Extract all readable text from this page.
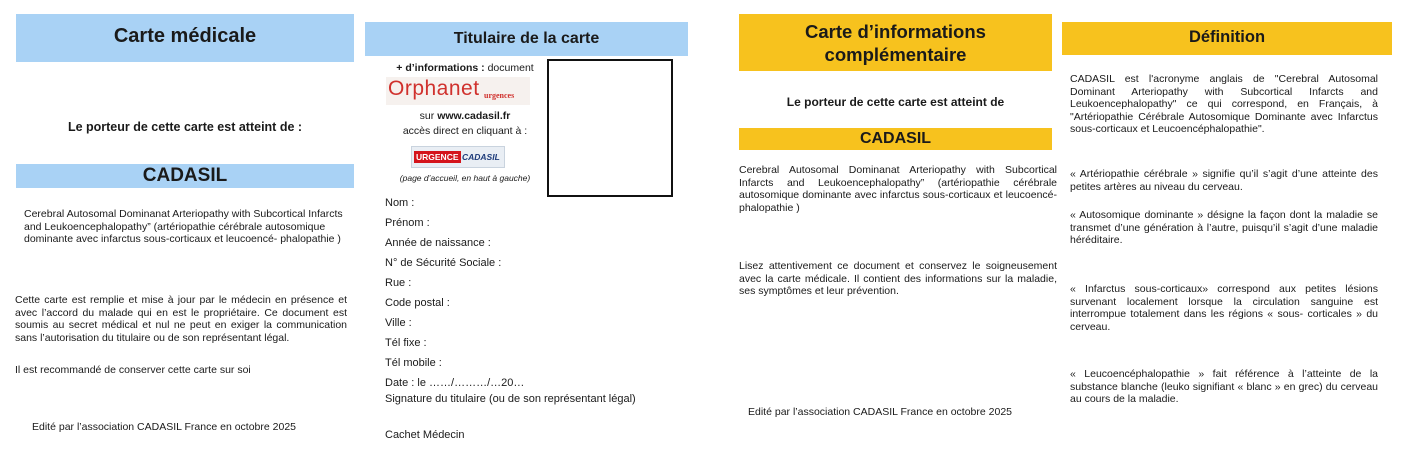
Carte médicale
Le porteur de cette carte est atteint de :
CADASIL
Cerebral Autosomal Dominanat Arteriopathy with Subcortical Infarcts and Leukoencephalopathy” (artériopathie cérébrale autosomique dominante avec infarctus sous-corticaux et leucoencé- phalopathie )
Cette carte est remplie et mise à jour par le médecin en présence et avec l’accord du malade qui en est le propriétaire. Ce document est soumis au secret médical et nul ne peut en exiger la communication sans l’autorisation du titulaire ou de son représentant légal.
Il est recommandé de conserver cette carte sur soi
Edité par l’association CADASIL France en octobre 2025
Titulaire de la carte
+ d’informations : document
Orphanet urgences
sur www.cadasil.fr
accès direct en cliquant à :
URGENCE CADASIL
(page d’accueil, en haut à gauche)
Nom :
Prénom :
Année de naissance :
N° de Sécurité Sociale :
Rue :
Code postal :
Ville :
Tél fixe :
Tél mobile :
Date : le ……/………/…20…
Signature du titulaire (ou de son représentant légal)
Cachet Médecin
Carte d’informations
complémentaire
Le porteur de cette carte est atteint de
CADASIL
Cerebral Autosomal Dominanat Arteriopathy with Subcortical Infarcts and Leukoencephalopathy” (artériopathie cérébrale autosomique dominante avec infarctus sous-corticaux et leucoencé- phalopathie )
Lisez attentivement ce document et conservez le soigneusement avec la carte médicale. Il contient des informations sur la maladie, ses symptômes et leur prévention.
Edité par l’association CADASIL France en octobre 2025
Définition
CADASIL est l'acronyme anglais de "Cerebral Autosomal Dominant Arteriopathy with Subcortical Infarcts and Leukoencephalopathy" ce qui correspond, en Français, à "Artériopathie Cérébrale Autosomique Dominante avec Infarctus sous-corticaux et Leucoencéphalopathie".
« Artériopathie cérébrale » signifie qu’il s’agit d’une atteinte des petites artères au niveau du cerveau.
« Autosomique dominante » désigne la façon dont la maladie se transmet d’une génération à l’autre, puisqu’il s’agit d’une maladie héréditaire.
« Infarctus sous-corticaux» correspond aux petites lésions survenant localement lorsque la circulation sanguine est interrompue totalement dans les régions « sous- corticales » du cerveau.
« Leucoencéphalopathie » fait référence à l’atteinte de la substance blanche (leuko signifiant « blanc » en grec) du cerveau au cours de la maladie.
